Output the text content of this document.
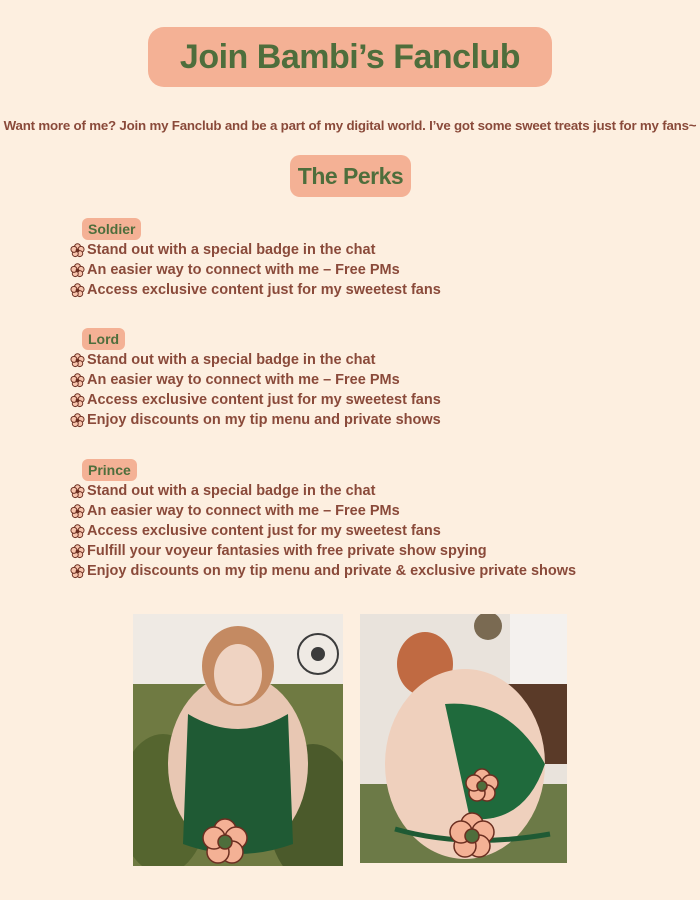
Join Bambi’s Fanclub
Want more of me? Join my Fanclub and be a part of my digital world. I’ve got some sweet treats just for my fans~
The Perks
Soldier
Stand out with a special badge in the chat
An easier way to connect with me – Free PMs
Access exclusive content just for my sweetest fans
Lord
Stand out with a special badge in the chat
An easier way to connect with me – Free PMs
Access exclusive content just for my sweetest fans
Enjoy discounts on my tip menu and private shows
Prince
Stand out with a special badge in the chat
An easier way to connect with me – Free PMs
Access exclusive content just for my sweetest fans
Fulfill your voyeur fantasies with free private show spying
Enjoy discounts on my tip menu and private & exclusive private shows
